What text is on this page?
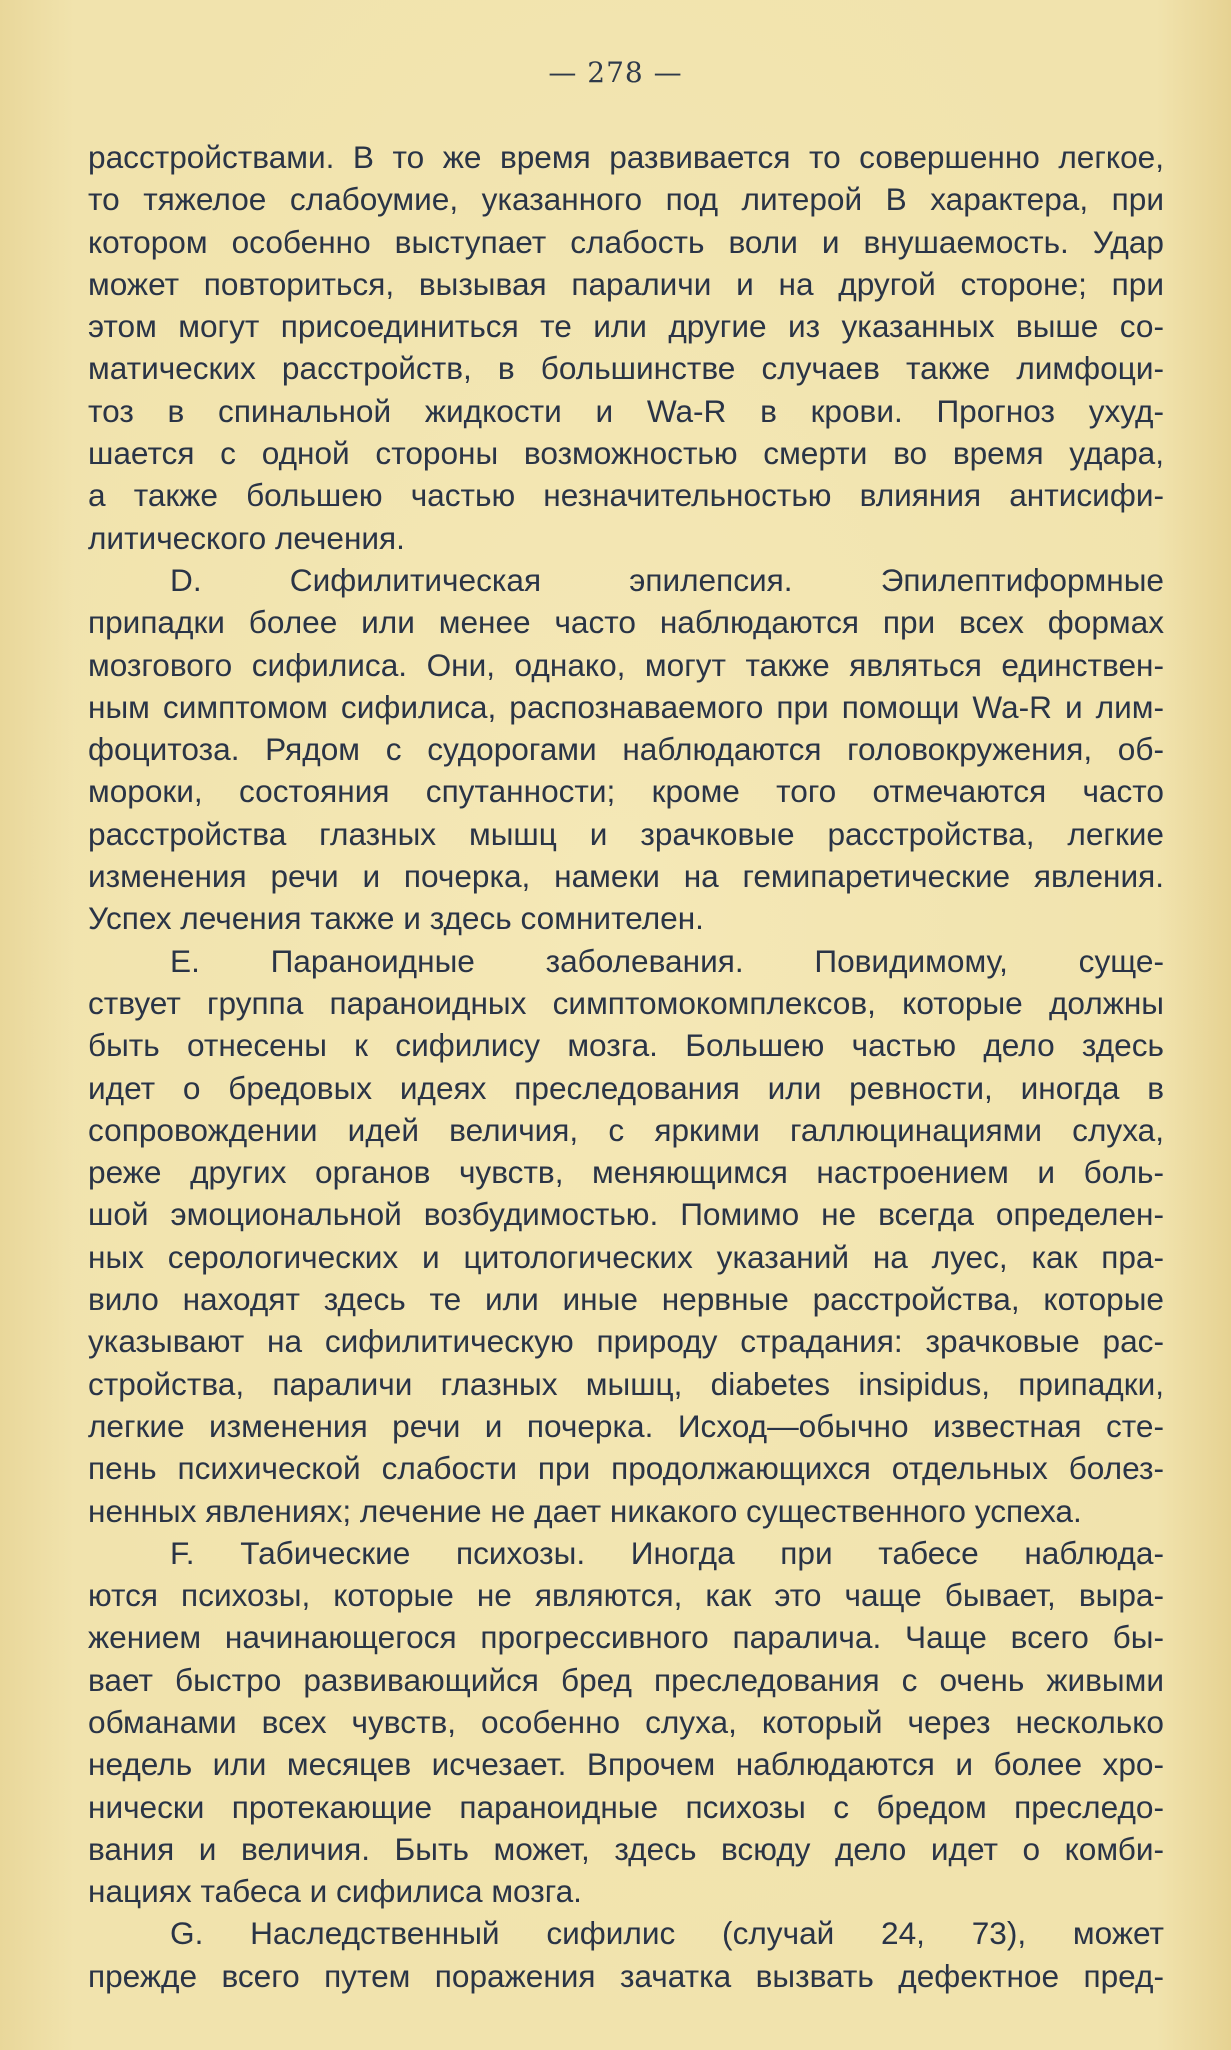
— 278 —
расстройствами. В то же время развивается то совершенно легкое,
то тяжелое слабоумие, указанного под литерой В характера, при
котором особенно выступает слабость воли и внушаемость. Удар
может повториться, вызывая параличи и на другой стороне; при
этом могут присоединиться те или другие из указанных выше со-
матических расстройств, в большинстве случаев также лимфоци-
тоз в спинальной жидкости и Wa-R в крови. Прогноз ухуд-
шается с одной стороны возможностью смерти во время удара,
а также большею частью незначительностью влияния антисифи-
литического лечения.
D. Сифилитическая эпилепсия. Эпилептиформные
припадки более или менее часто наблюдаются при всех формах
мозгового сифилиса. Они, однако, могут также являться единствен-
ным симптомом сифилиса, распознаваемого при помощи Wa-R и лим-
фоцитоза. Рядом с судорогами наблюдаются головокружения, об-
мороки, состояния спутанности; кроме того отмечаются часто
расстройства глазных мышц и зрачковые расстройства, легкие
изменения речи и почерка, намеки на гемипаретические явления.
Успех лечения также и здесь сомнителен.
E. Параноидные заболевания. Повидимому, суще-
ствует группа параноидных симптомокомплексов, которые должны
быть отнесены к сифилису мозга. Большею частью дело здесь
идет о бредовых идеях преследования или ревности, иногда в
сопровождении идей величия, с яркими галлюцинациями слуха,
реже других органов чувств, меняющимся настроением и боль-
шой эмоциональной возбудимостью. Помимо не всегда определен-
ных серологических и цитологических указаний на луес, как пра-
вило находят здесь те или иные нервные расстройства, которые
указывают на сифилитическую природу страдания: зрачковые рас-
стройства, параличи глазных мышц, diabetes insipidus, припадки,
легкие изменения речи и почерка. Исход—обычно известная сте-
пень психической слабости при продолжающихся отдельных болез-
ненных явлениях; лечение не дает никакого существенного успеха.
F. Табические психозы. Иногда при табесе наблюда-
ются психозы, которые не являются, как это чаще бывает, выра-
жением начинающегося прогрессивного паралича. Чаще всего бы-
вает быстро развивающийся бред преследования с очень живыми
обманами всех чувств, особенно слуха, который через несколько
недель или месяцев исчезает. Впрочем наблюдаются и более хро-
нически протекающие параноидные психозы с бредом преследо-
вания и величия. Быть может, здесь всюду дело идет о комби-
нациях табеса и сифилиса мозга.
G. Наследственный сифилис (случай 24, 73), может
прежде всего путем поражения зачатка вызвать дефектное пред-
